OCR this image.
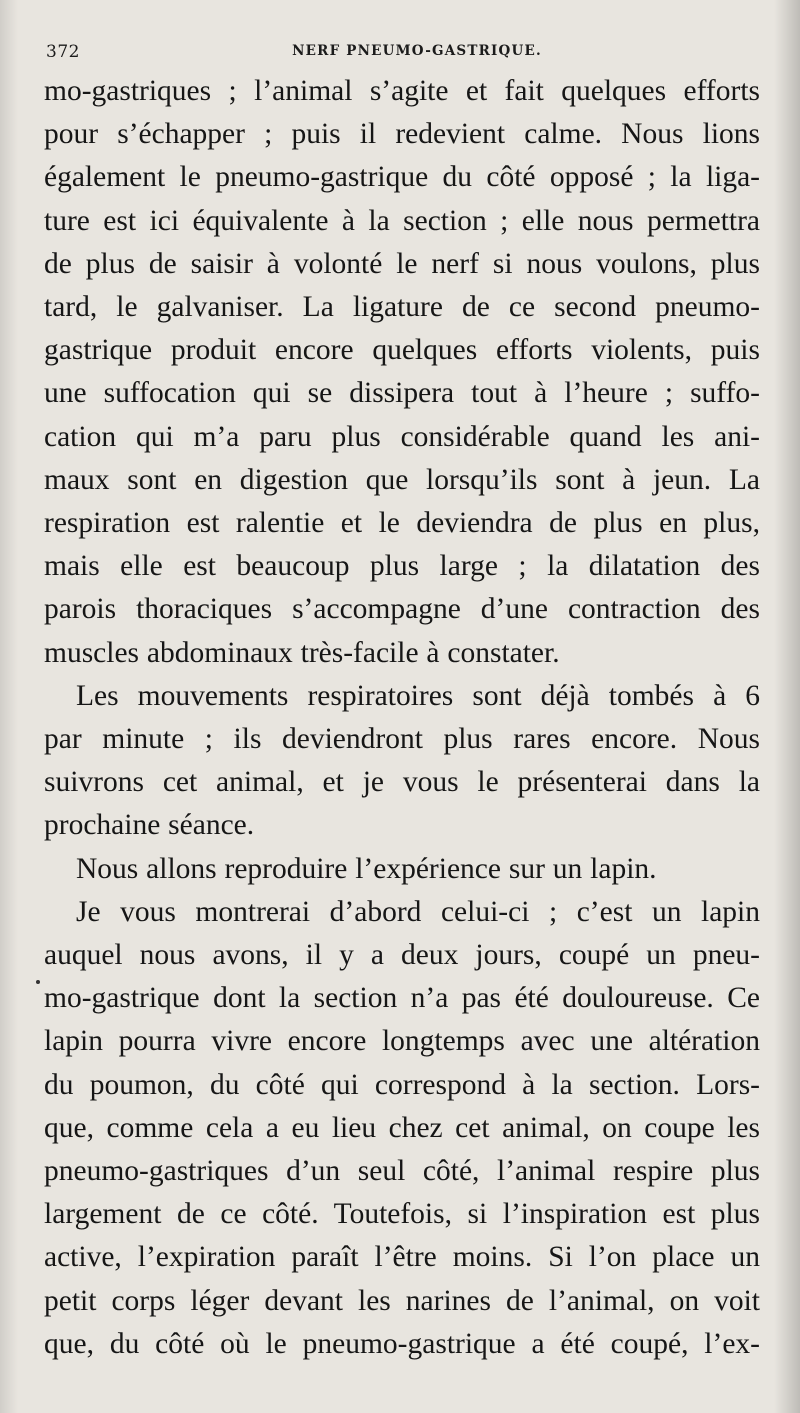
372	NERF PNEUMO-GASTRIQUE.
mo-gastriques ; l’animal s’agite et fait quelques efforts
pour s’échapper ; puis il redevient calme. Nous lions
également le pneumo-gastrique du côté opposé ; la liga-
ture est ici équivalente à la section ; elle nous permettra
de plus de saisir à volonté le nerf si nous voulons, plus
tard, le galvaniser. La ligature de ce second pneumo-
gastrique produit encore quelques efforts violents, puis
une suffocation qui se dissipera tout à l’heure ; suffo-
cation qui m’a paru plus considérable quand les ani-
maux sont en digestion que lorsqu’ils sont à jeun. La
respiration est ralentie et le deviendra de plus en plus,
mais elle est beaucoup plus large ; la dilatation des
parois thoraciques s’accompagne d’une contraction des
muscles abdominaux très-facile à constater.
Les mouvements respiratoires sont déjà tombés à 6
par minute ; ils deviendront plus rares encore. Nous
suivrons cet animal, et je vous le présenterai dans la
prochaine séance.
Nous allons reproduire l’expérience sur un lapin.
Je vous montrerai d’abord celui-ci ; c’est un lapin
auquel nous avons, il y a deux jours, coupé un pneu-
mo-gastrique dont la section n’a pas été douloureuse. Ce
lapin pourra vivre encore longtemps avec une altération
du poumon, du côté qui correspond à la section. Lors-
que, comme cela a eu lieu chez cet animal, on coupe les
pneumo-gastriques d’un seul côté, l’animal respire plus
largement de ce côté. Toutefois, si l’inspiration est plus
active, l’expiration paraît l’être moins. Si l’on place un
petit corps léger devant les narines de l’animal, on voit
que, du côté où le pneumo-gastrique a été coupé, l’ex-
